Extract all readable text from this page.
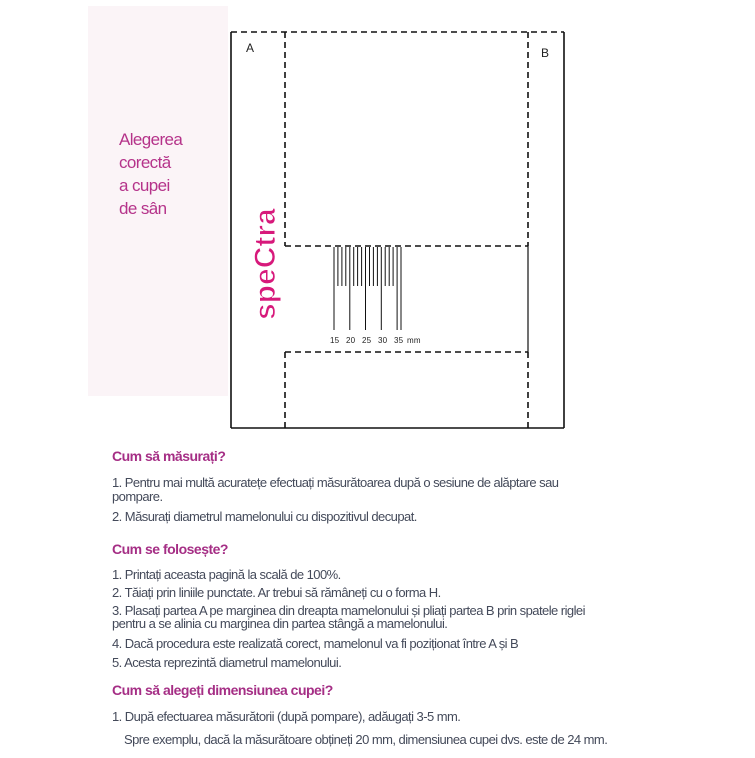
Alegerea
corectă
a cupei
de sân	speCtra
A	B
15 20 25 30 35 mm
Cum să măsurați?
1. Pentru mai multă acuratețe efectuați măsurătoarea după o sesiune de alăptare sau
pompare.
2. Măsurați diametrul mamelonului cu dispozitivul decupat.
Cum se folosește?
1. Printați aceasta pagină la scală de 100%.
2. Tăiați prin liniile punctate. Ar trebui să rămâneți cu o forma H.
3. Plasați partea A pe marginea din dreapta mamelonului și pliați partea B prin spatele riglei
pentru a se alinia cu marginea din partea stângă a mamelonului.
4. Dacă procedura este realizată corect, mamelonul va fi poziționat între A și B
5. Acesta reprezintă diametrul mamelonului.
Cum să alegeți dimensiunea cupei?
1. După efectuarea măsurătorii (după pompare), adăugați 3-5 mm.
Spre exemplu, dacă la măsurătoare obțineți 20 mm, dimensiunea cupei dvs. este de 24 mm.
